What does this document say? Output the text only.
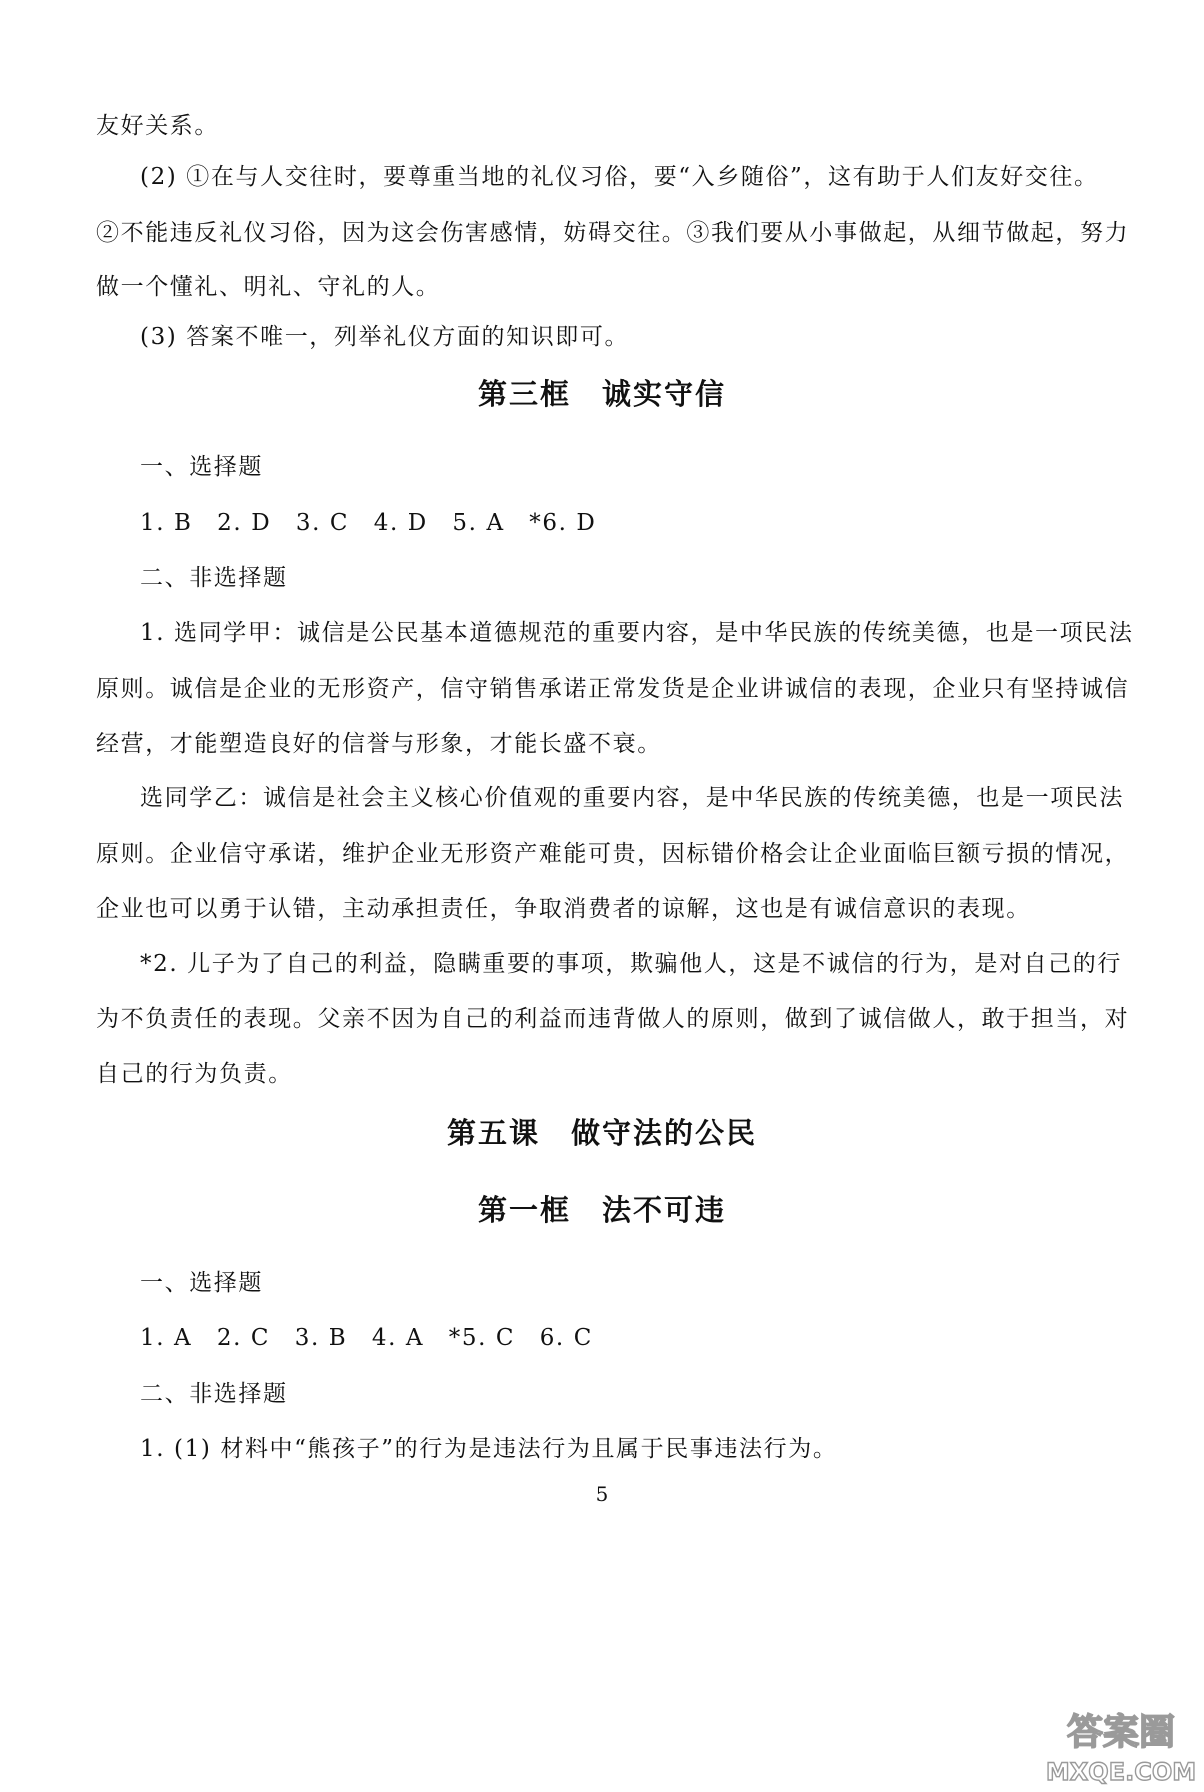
友好关系。
(2) ①在与人交往时，要尊重当地的礼仪习俗，要“入乡随俗”，这有助于人们友好交往。
②不能违反礼仪习俗，因为这会伤害感情，妨碍交往。③我们要从小事做起，从细节做起，努力
做一个懂礼、明礼、守礼的人。
(3) 答案不唯一，列举礼仪方面的知识即可。
第三框　诚实守信
一、选择题
1. B　2. D　3. C　4. D　5. A　*6. D
二、非选择题
1. 选同学甲：诚信是公民基本道德规范的重要内容，是中华民族的传统美德，也是一项民法
原则。诚信是企业的无形资产，信守销售承诺正常发货是企业讲诚信的表现，企业只有坚持诚信
经营，才能塑造良好的信誉与形象，才能长盛不衰。
选同学乙：诚信是社会主义核心价值观的重要内容，是中华民族的传统美德，也是一项民法
原则。企业信守承诺，维护企业无形资产难能可贵，因标错价格会让企业面临巨额亏损的情况，
企业也可以勇于认错，主动承担责任，争取消费者的谅解，这也是有诚信意识的表现。
*2. 儿子为了自己的利益，隐瞒重要的事项，欺骗他人，这是不诚信的行为，是对自己的行
为不负责任的表现。父亲不因为自己的利益而违背做人的原则，做到了诚信做人，敢于担当，对
自己的行为负责。
第五课　做守法的公民
第一框　法不可违
一、选择题
1. A　2. C　3. B　4. A　*5. C　6. C
二、非选择题
1. (1) 材料中“熊孩子”的行为是违法行为且属于民事违法行为。
5
答案圈
MXQE.COM
